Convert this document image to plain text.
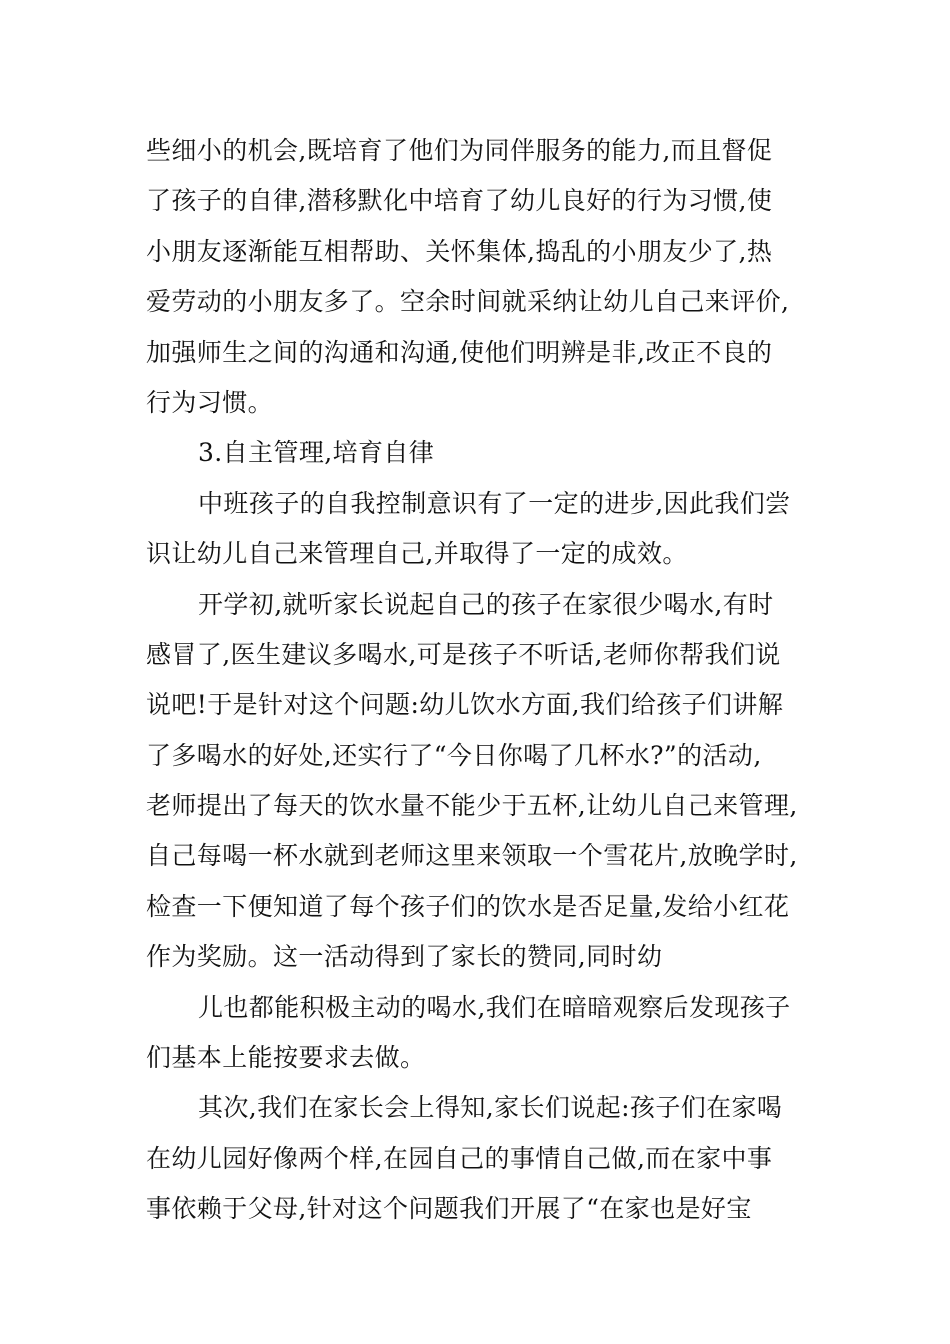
些细小的机会,既培育了他们为同伴服务的能力,而且督促
了孩子的自律,潜移默化中培育了幼儿良好的行为习惯,使
小朋友逐渐能互相帮助、关怀集体,捣乱的小朋友少了,热
爱劳动的小朋友多了。空余时间就采纳让幼儿自己来评价,
加强师生之间的沟通和沟通,使他们明辨是非,改正不良的
行为习惯。
3.自主管理,培育自律
中班孩子的自我控制意识有了一定的进步,因此我们尝
识让幼儿自己来管理自己,并取得了一定的成效。
开学初,就听家长说起自己的孩子在家很少喝水,有时
感冒了,医生建议多喝水,可是孩子不听话,老师你帮我们说
说吧!于是针对这个问题:幼儿饮水方面,我们给孩子们讲解
了多喝水的好处,还实行了“今日你喝了几杯水?”的活动,
老师提出了每天的饮水量不能少于五杯,让幼儿自己来管理,
自己每喝一杯水就到老师这里来领取一个雪花片,放晚学时,
检查一下便知道了每个孩子们的饮水是否足量,发给小红花
作为奖励。这一活动得到了家长的赞同,同时幼
儿也都能积极主动的喝水,我们在暗暗观察后发现孩子
们基本上能按要求去做。
其次,我们在家长会上得知,家长们说起:孩子们在家喝
在幼儿园好像两个样,在园自己的事情自己做,而在家中事
事依赖于父母,针对这个问题我们开展了“在家也是好宝
